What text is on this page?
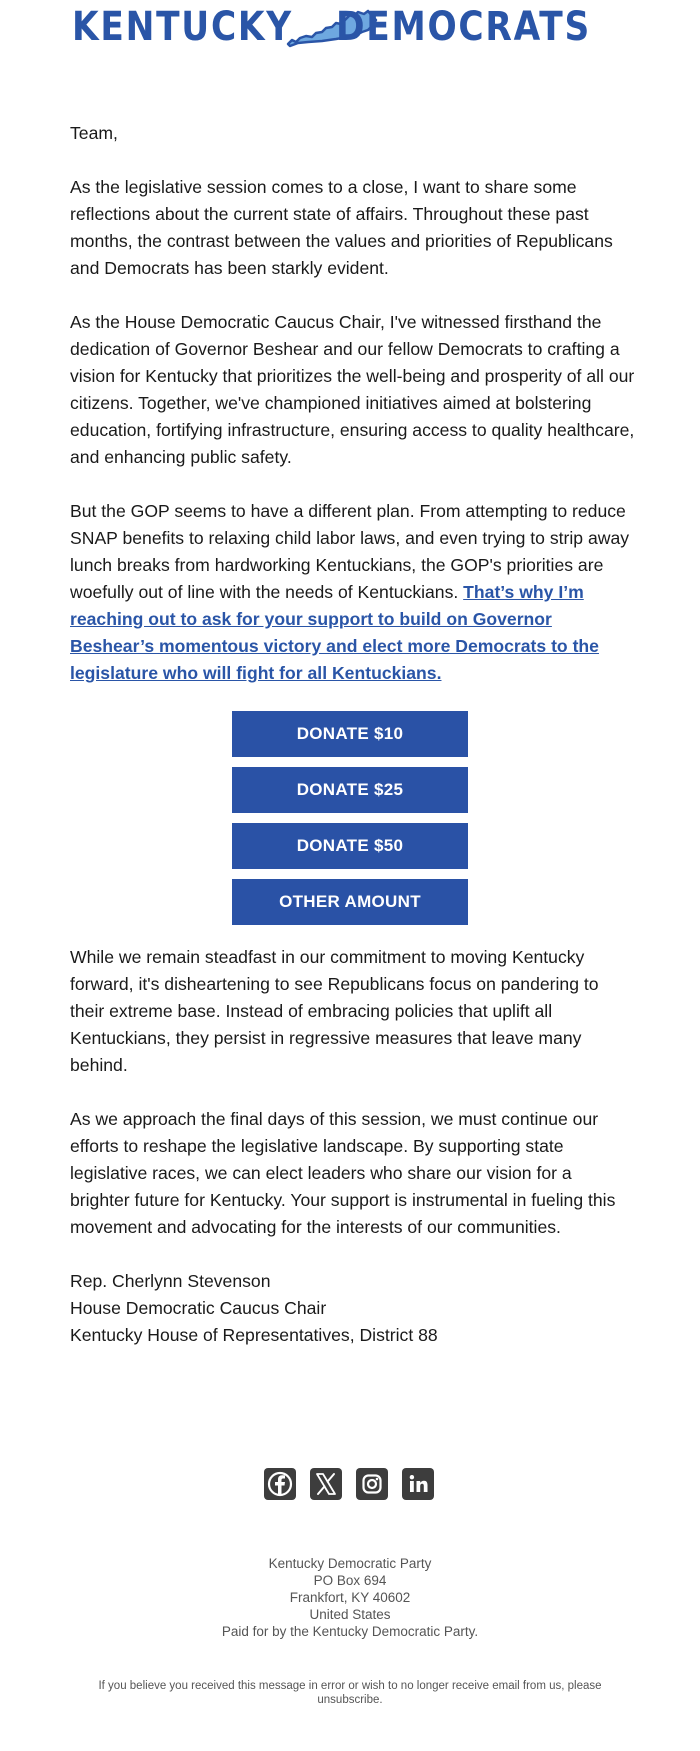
KENTUCKY DEMOCRATS

Team,

As the legislative session comes to a close, I want to share some reflections about the current state of affairs. Throughout these past months, the contrast between the values and priorities of Republicans and Democrats has been starkly evident.

As the House Democratic Caucus Chair, I've witnessed firsthand the dedication of Governor Beshear and our fellow Democrats to crafting a vision for Kentucky that prioritizes the well-being and prosperity of all our citizens. Together, we've championed initiatives aimed at bolstering education, fortifying infrastructure, ensuring access to quality healthcare, and enhancing public safety.

But the GOP seems to have a different plan. From attempting to reduce SNAP benefits to relaxing child labor laws, and even trying to strip away lunch breaks from hardworking Kentuckians, the GOP's priorities are woefully out of line with the needs of Kentuckians. That’s why I’m reaching out to ask for your support to build on Governor Beshear’s momentous victory and elect more Democrats to the legislature who will fight for all Kentuckians.

DONATE $10
DONATE $25
DONATE $50
OTHER AMOUNT

While we remain steadfast in our commitment to moving Kentucky forward, it's disheartening to see Republicans focus on pandering to their extreme base. Instead of embracing policies that uplift all Kentuckians, they persist in regressive measures that leave many behind.

As we approach the final days of this session, we must continue our efforts to reshape the legislative landscape. By supporting state legislative races, we can elect leaders who share our vision for a brighter future for Kentucky. Your support is instrumental in fueling this movement and advocating for the interests of our communities.

Rep. Cherlynn Stevenson
House Democratic Caucus Chair
Kentucky House of Representatives, District 88

Kentucky Democratic Party
PO Box 694
Frankfort, KY 40602
United States
Paid for by the Kentucky Democratic Party.
If you believe you received this message in error or wish to no longer receive email from us, please unsubscribe.
